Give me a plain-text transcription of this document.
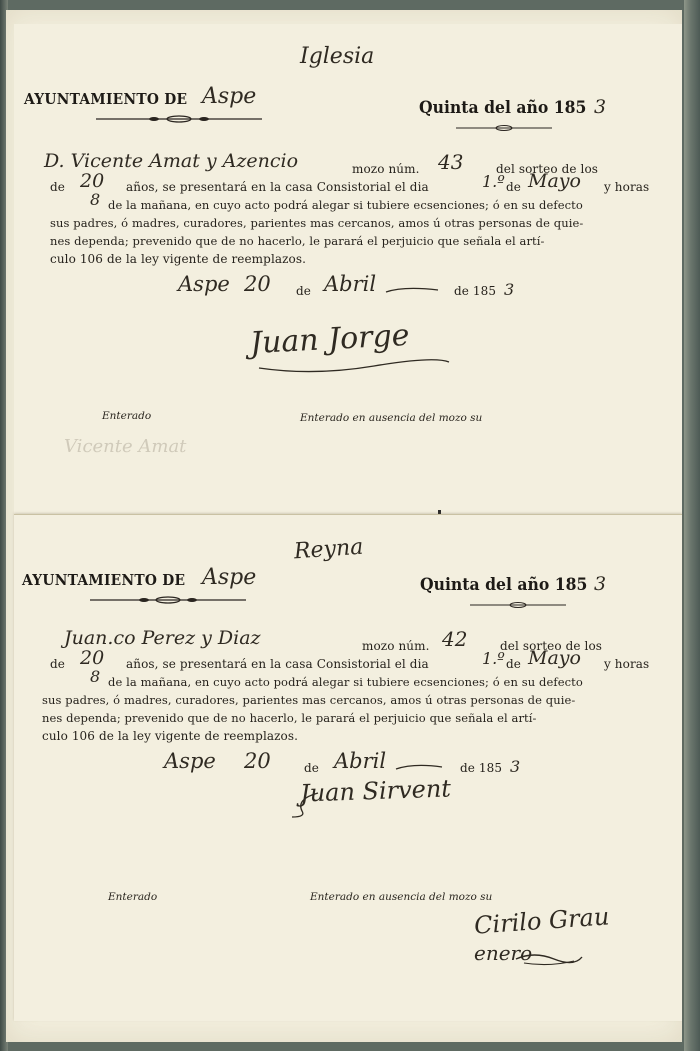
Iglesia
AYUNTAMIENTO DE Aspe	Quinta del año 185 3
D. Vicente Amat y Azencio	mozo núm. 43	del sorteo de los
de 20 años, se presentará en la casa Consistorial el dia	1.º de Mayo y horas
8 de la mañana, en cuyo acto podrá alegar si tubiere ecsenciones; ó en su defecto
sus padres, ó madres, curadores, parientes mas cercanos, amos ú otras personas de quie-
nes dependa; prevenido que de no hacerlo, le parará el perjuicio que señala el artí-
culo 106 de la ley vigente de reemplazos.
Aspe 20 de Abril	de 185 3
Juan Jorge
Enterado	Enterado en ausencia del mozo su
Vicente Amat
Reyna
AYUNTAMIENTO DE Aspe	Quinta del año 185 3
Juan.co Perez y Diaz	mozo núm. 42	del sorteo de los
de 20 años, se presentará en la casa Consistorial el dia	1.º de Mayo y horas
8 de la mañana, en cuyo acto podrá alegar si tubiere ecsenciones; ó en su defecto
sus padres, ó madres, curadores, parientes mas cercanos, amos ú otras personas de quie-
nes dependa; prevenido que de no hacerlo, le parará el perjuicio que señala el artí-
culo 106 de la ley vigente de reemplazos.
Aspe 20	de Abril	de 185 3
Juan Sirvent
Enterado	Enterado en ausencia del mozo su
Cirilo Grau
enero
